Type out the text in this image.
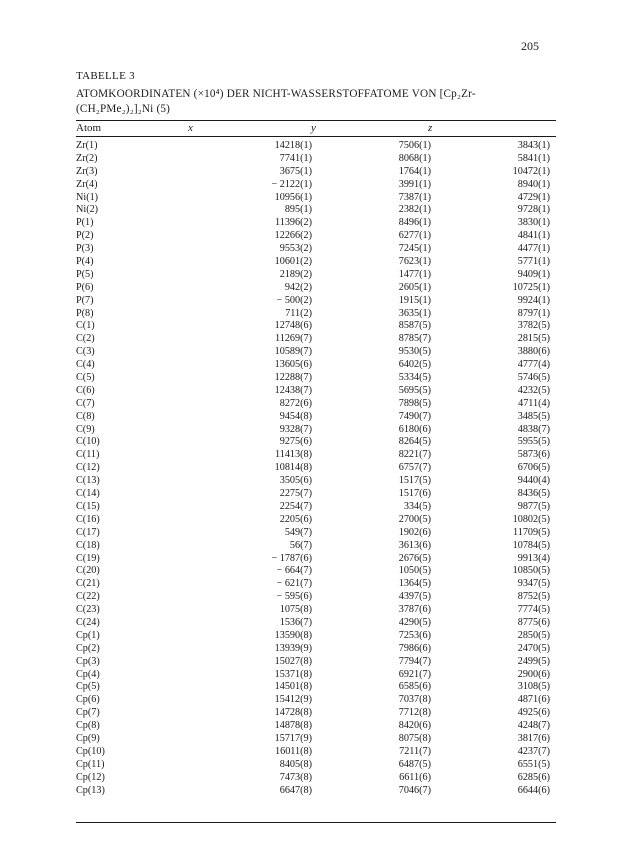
205
TABELLE 3
ATOMKOORDINATEN (×10⁴) DER NICHT-WASSERSTOFFATOME VON [Cp₂Zr-
(CH₂PMe₂)₂]₂Ni (5)
Atom	x	y	z
Zr(1)	14218(1)	7506(1)	3843(1)
Zr(2)	7741(1)	8068(1)	5841(1)
Zr(3)	3675(1)	1764(1)	10472(1)
Zr(4)	− 2122(1)	3991(1)	8940(1)
Ni(1)	10956(1)	7387(1)	4729(1)
Ni(2)	895(1)	2382(1)	9728(1)
P(1)	11396(2)	8496(1)	3830(1)
P(2)	12266(2)	6277(1)	4841(1)
P(3)	9553(2)	7245(1)	4477(1)
P(4)	10601(2)	7623(1)	5771(1)
P(5)	2189(2)	1477(1)	9409(1)
P(6)	942(2)	2605(1)	10725(1)
P(7)	− 500(2)	1915(1)	9924(1)
P(8)	711(2)	3635(1)	8797(1)
C(1)	12748(6)	8587(5)	3782(5)
C(2)	11269(7)	8785(7)	2815(5)
C(3)	10589(7)	9530(5)	3880(6)
C(4)	13605(6)	6402(5)	4777(4)
C(5)	12288(7)	5334(5)	5746(5)
C(6)	12438(7)	5695(5)	4232(5)
C(7)	8272(6)	7898(5)	4711(4)
C(8)	9454(8)	7490(7)	3485(5)
C(9)	9328(7)	6180(6)	4838(7)
C(10)	9275(6)	8264(5)	5955(5)
C(11)	11413(8)	8221(7)	5873(6)
C(12)	10814(8)	6757(7)	6706(5)
C(13)	3505(6)	1517(5)	9440(4)
C(14)	2275(7)	1517(6)	8436(5)
C(15)	2254(7)	334(5)	9877(5)
C(16)	2205(6)	2700(5)	10802(5)
C(17)	549(7)	1902(6)	11709(5)
C(18)	56(7)	3613(6)	10784(5)
C(19)	− 1787(6)	2676(5)	9913(4)
C(20)	− 664(7)	1050(5)	10850(5)
C(21)	− 621(7)	1364(5)	9347(5)
C(22)	− 595(6)	4397(5)	8752(5)
C(23)	1075(8)	3787(6)	7774(5)
C(24)	1536(7)	4290(5)	8775(6)
Cp(1)	13590(8)	7253(6)	2850(5)
Cp(2)	13939(9)	7986(6)	2470(5)
Cp(3)	15027(8)	7794(7)	2499(5)
Cp(4)	15371(8)	6921(7)	2900(6)
Cp(5)	14501(8)	6585(6)	3108(5)
Cp(6)	15412(9)	7037(8)	4871(6)
Cp(7)	14728(8)	7712(8)	4925(6)
Cp(8)	14878(8)	8420(6)	4248(7)
Cp(9)	15717(9)	8075(8)	3817(6)
Cp(10)	16011(8)	7211(7)	4237(7)
Cp(11)	8405(8)	6487(5)	6551(5)
Cp(12)	7473(8)	6611(6)	6285(6)
Cp(13)	6647(8)	7046(7)	6644(6)
